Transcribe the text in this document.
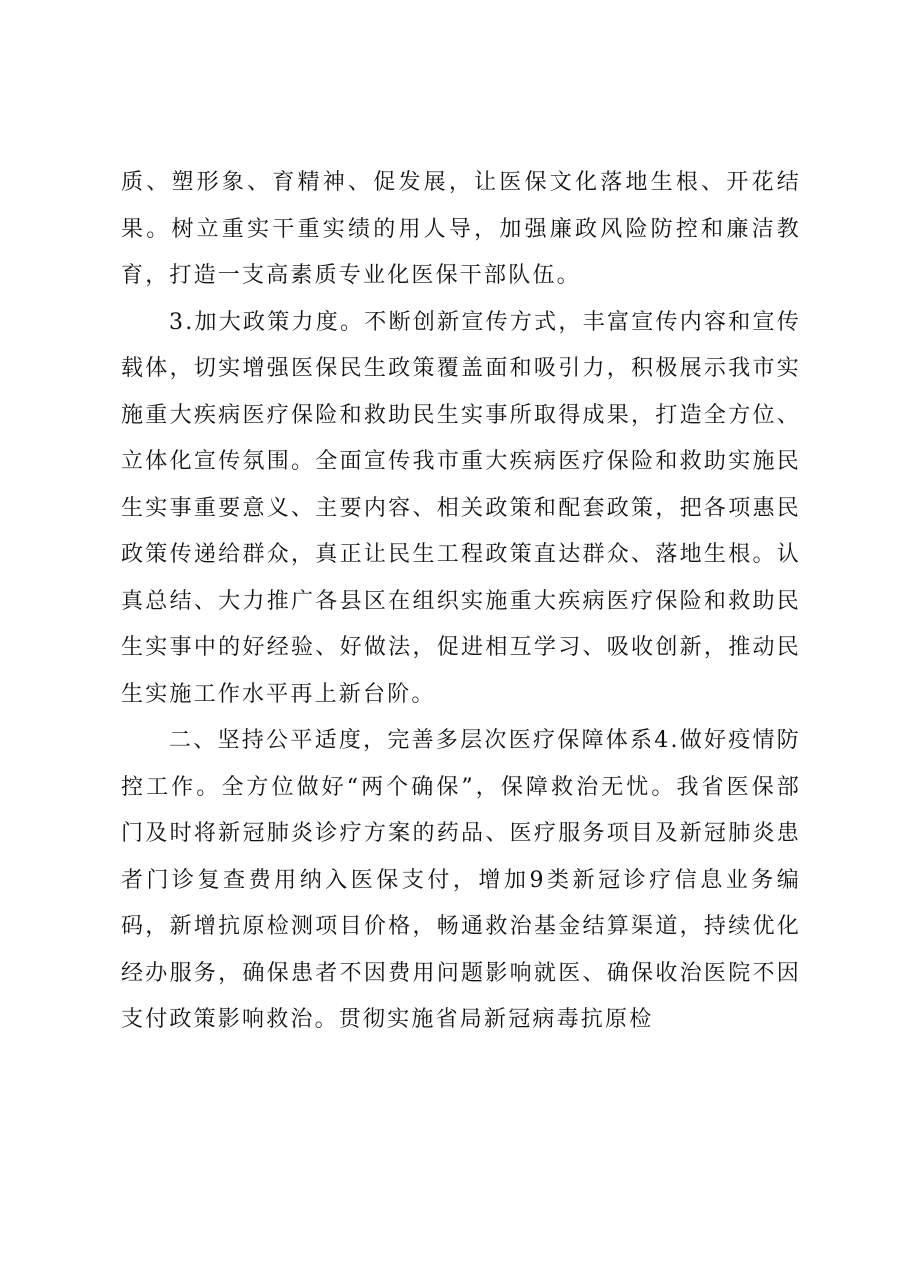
质、塑形象、育精神、促发展，让医保文化落地生根、开花结果。树立重实干重实绩的用人导，加强廉政风险防控和廉洁教育，打造一支高素质专业化医保干部队伍。

3.加大政策力度。不断创新宣传方式，丰富宣传内容和宣传载体，切实增强医保民生政策覆盖面和吸引力，积极展示我市实施重大疾病医疗保险和救助民生实事所取得成果，打造全方位、立体化宣传氛围。全面宣传我市重大疾病医疗保险和救助实施民生实事重要意义、主要内容、相关政策和配套政策，把各项惠民政策传递给群众，真正让民生工程政策直达群众、落地生根。认真总结、大力推广各县区在组织实施重大疾病医疗保险和救助民生实事中的好经验、好做法，促进相互学习、吸收创新，推动民生实施工作水平再上新台阶。

二、坚持公平适度，完善多层次医疗保障体系4.做好疫情防控工作。全方位做好“两个确保”，保障救治无忧。我省医保部门及时将新冠肺炎诊疗方案的药品、医疗服务项目及新冠肺炎患者门诊复查费用纳入医保支付，增加9类新冠诊疗信息业务编码，新增抗原检测项目价格，畅通救治基金结算渠道，持续优化经办服务，确保患者不因费用问题影响就医、确保收治医院不因支付政策影响救治。贯彻实施省局新冠病毒抗原检
